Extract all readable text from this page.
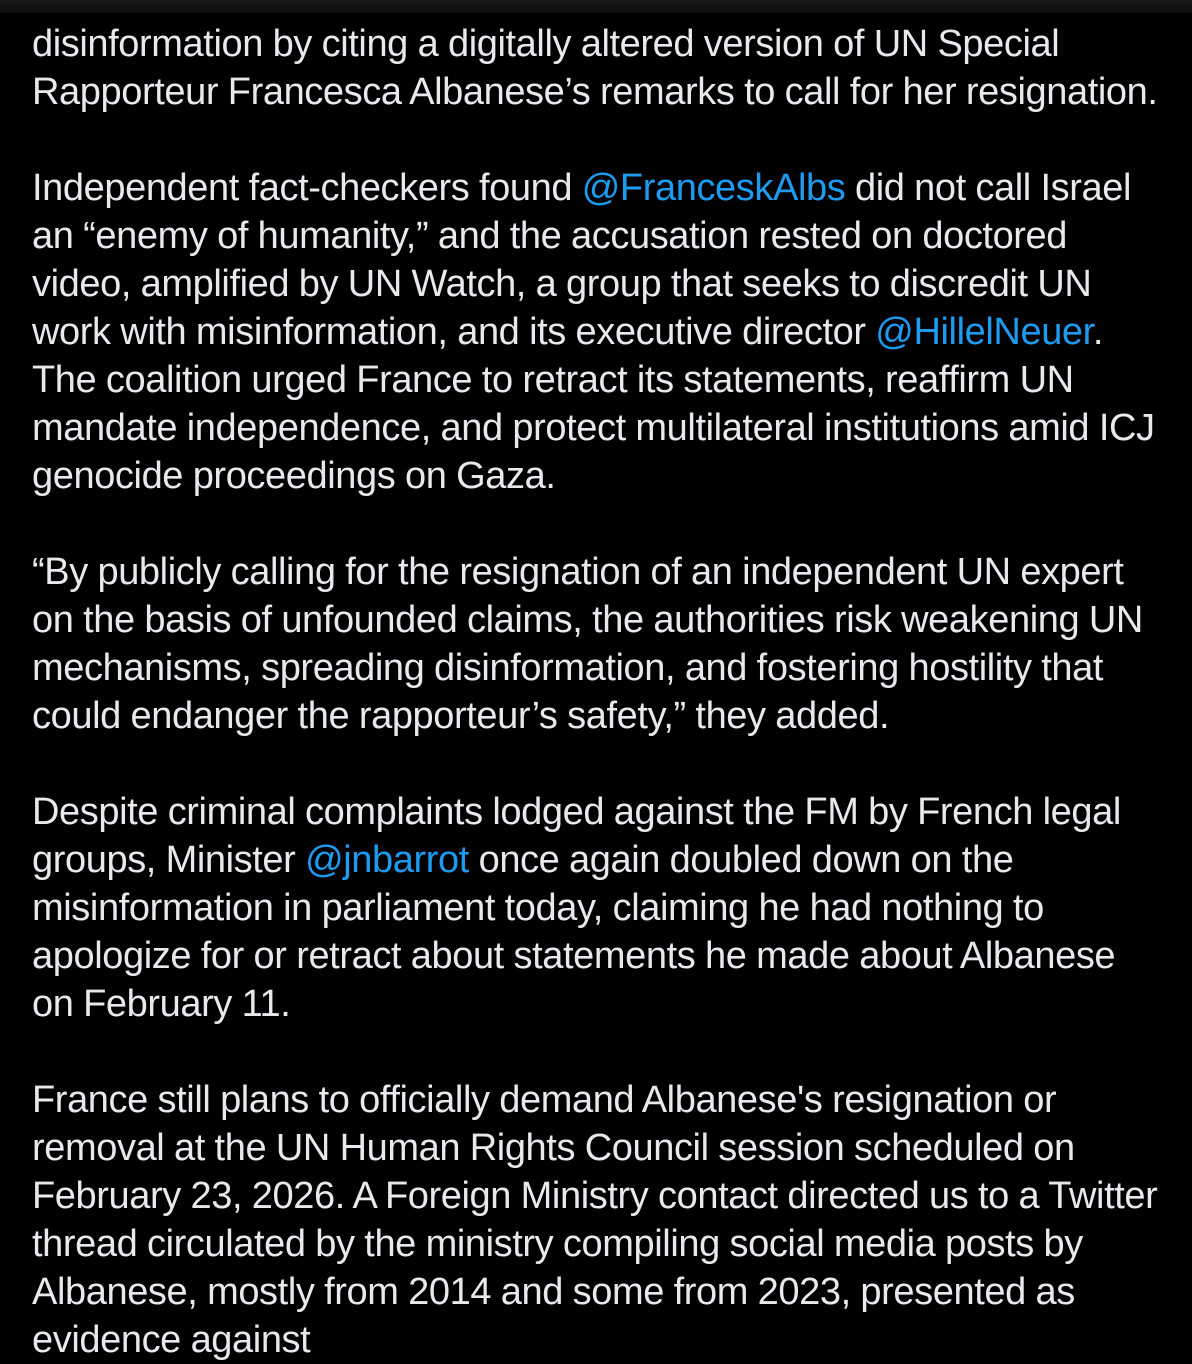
disinformation by citing a digitally altered version of UN Special Rapporteur Francesca Albanese’s remarks to call for her resignation.

Independent fact-checkers found @FranceskAlbs did not call Israel an “enemy of humanity,” and the accusation rested on doctored video, amplified by UN Watch, a group that seeks to discredit UN work with misinformation, and its executive director @HillelNeuer. The coalition urged France to retract its statements, reaffirm UN mandate independence, and protect multilateral institutions amid ICJ genocide proceedings on Gaza.

“By publicly calling for the resignation of an independent UN expert on the basis of unfounded claims, the authorities risk weakening UN mechanisms, spreading disinformation, and fostering hostility that could endanger the rapporteur’s safety,” they added.

Despite criminal complaints lodged against the FM by French legal groups, Minister @jnbarrot once again doubled down on the misinformation in parliament today, claiming he had nothing to apologize for or retract about statements he made about Albanese on February 11.

France still plans to officially demand Albanese's resignation or removal at the UN Human Rights Council session scheduled on February 23, 2026. A Foreign Ministry contact directed us to a Twitter thread circulated by the ministry compiling social media posts by Albanese, mostly from 2014 and some from 2023, presented as evidence against
